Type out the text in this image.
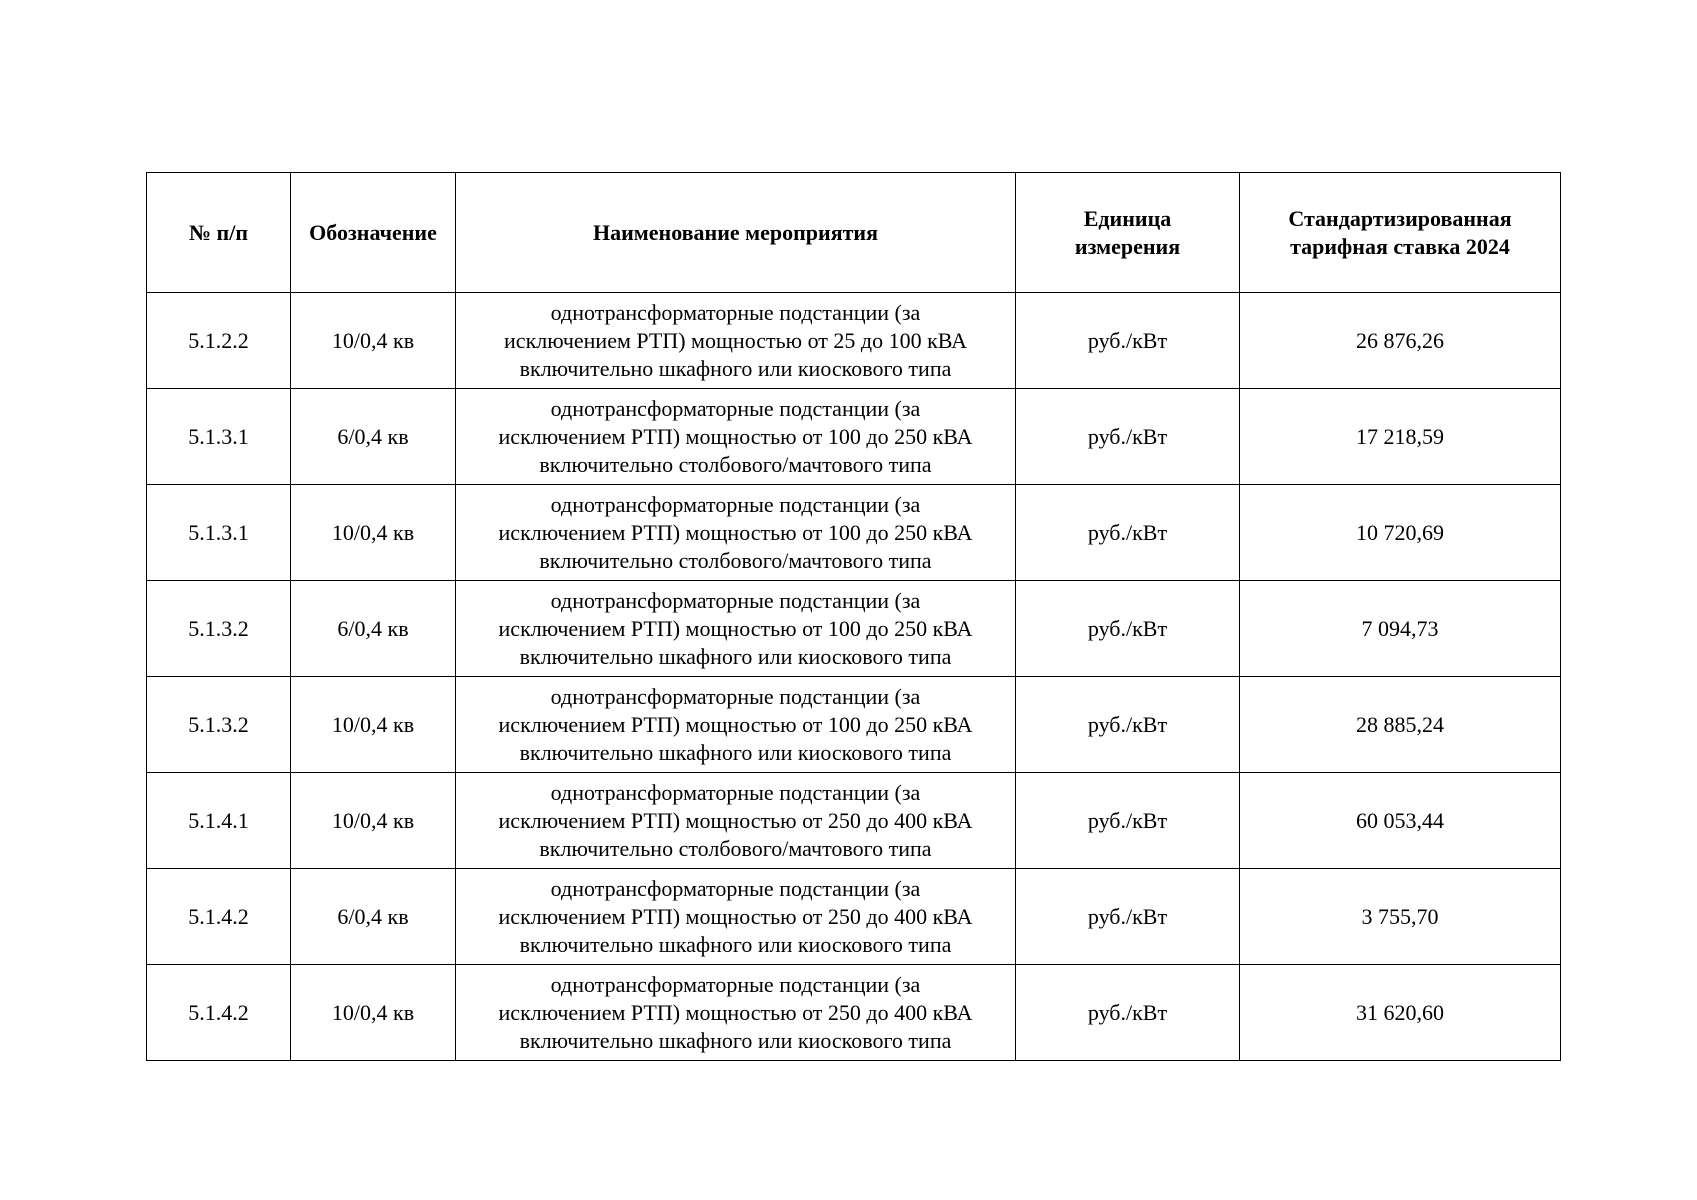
№ п/п	Обозначение	Наименование мероприятия	Единица
измерения	Стандартизированная
тарифная ставка 2024

5.1.2.2	10/0,4 кв	однотрансформаторные подстанции (за
исключением РТП) мощностью от 25 до 100 кВА
включительно шкафного или киоскового типа	руб./кВт	26 876,26
5.1.3.1	6/0,4 кв	однотрансформаторные подстанции (за
исключением РТП) мощностью от 100 до 250 кВА
включительно столбового/мачтового типа	руб./кВт	17 218,59
5.1.3.1	10/0,4 кв	однотрансформаторные подстанции (за
исключением РТП) мощностью от 100 до 250 кВА
включительно столбового/мачтового типа	руб./кВт	10 720,69
5.1.3.2	6/0,4 кв	однотрансформаторные подстанции (за
исключением РТП) мощностью от 100 до 250 кВА
включительно шкафного или киоскового типа	руб./кВт	7 094,73
5.1.3.2	10/0,4 кв	однотрансформаторные подстанции (за
исключением РТП) мощностью от 100 до 250 кВА
включительно шкафного или киоскового типа	руб./кВт	28 885,24
5.1.4.1	10/0,4 кв	однотрансформаторные подстанции (за
исключением РТП) мощностью от 250 до 400 кВА
включительно столбового/мачтового типа	руб./кВт	60 053,44
5.1.4.2	6/0,4 кв	однотрансформаторные подстанции (за
исключением РТП) мощностью от 250 до 400 кВА
включительно шкафного или киоскового типа	руб./кВт	3 755,70
5.1.4.2	10/0,4 кв	однотрансформаторные подстанции (за
исключением РТП) мощностью от 250 до 400 кВА
включительно шкафного или киоскового типа	руб./кВт	31 620,60
